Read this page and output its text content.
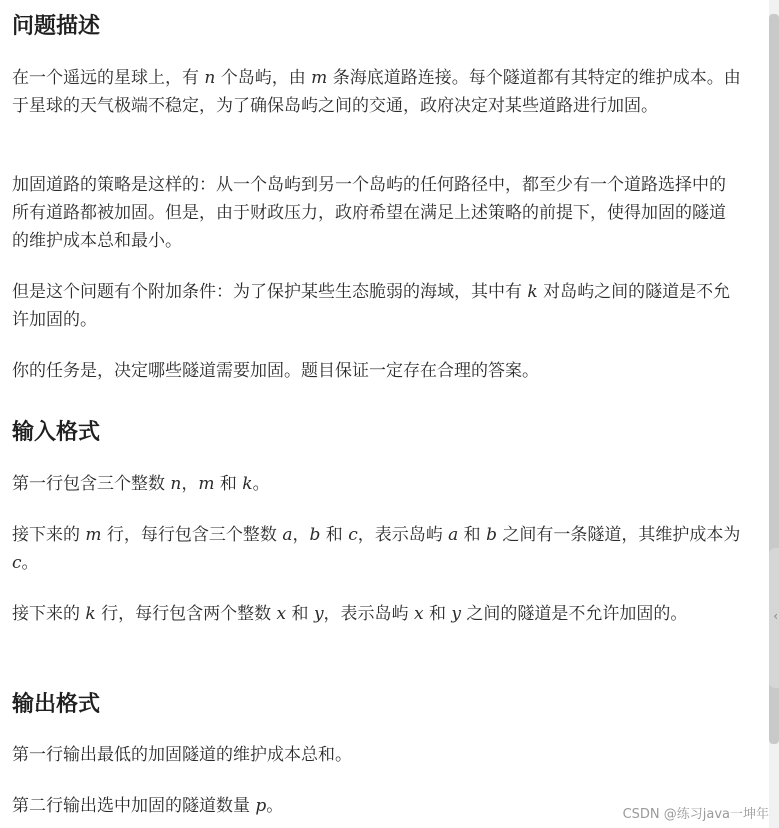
问题描述

在一个遥远的星球上，有 n 个岛屿，由 m 条海底道路连接。每个隧道都有其特定的维护成本。由于星球的天气极端不稳定，为了确保岛屿之间的交通，政府决定对某些道路进行加固。

加固道路的策略是这样的：从一个岛屿到另一个岛屿的任何路径中，都至少有一个道路选择中的所有道路都被加固。但是，由于财政压力，政府希望在满足上述策略的前提下，使得加固的隧道的维护成本总和最小。

但是这个问题有个附加条件：为了保护某些生态脆弱的海域，其中有 k 对岛屿之间的隧道是不允许加固的。

你的任务是，决定哪些隧道需要加固。题目保证一定存在合理的答案。

输入格式

第一行包含三个整数 n，m 和 k。

接下来的 m 行，每行包含三个整数 a，b 和 c，表示岛屿 a 和 b 之间有一条隧道，其维护成本为 c。

接下来的 k 行，每行包含两个整数 x 和 y，表示岛屿 x 和 y 之间的隧道是不允许加固的。

输出格式

第一行输出最低的加固隧道的维护成本总和。

第二行输出选中加固的隧道数量 p。

‹
CSDN @练习java一坤年
